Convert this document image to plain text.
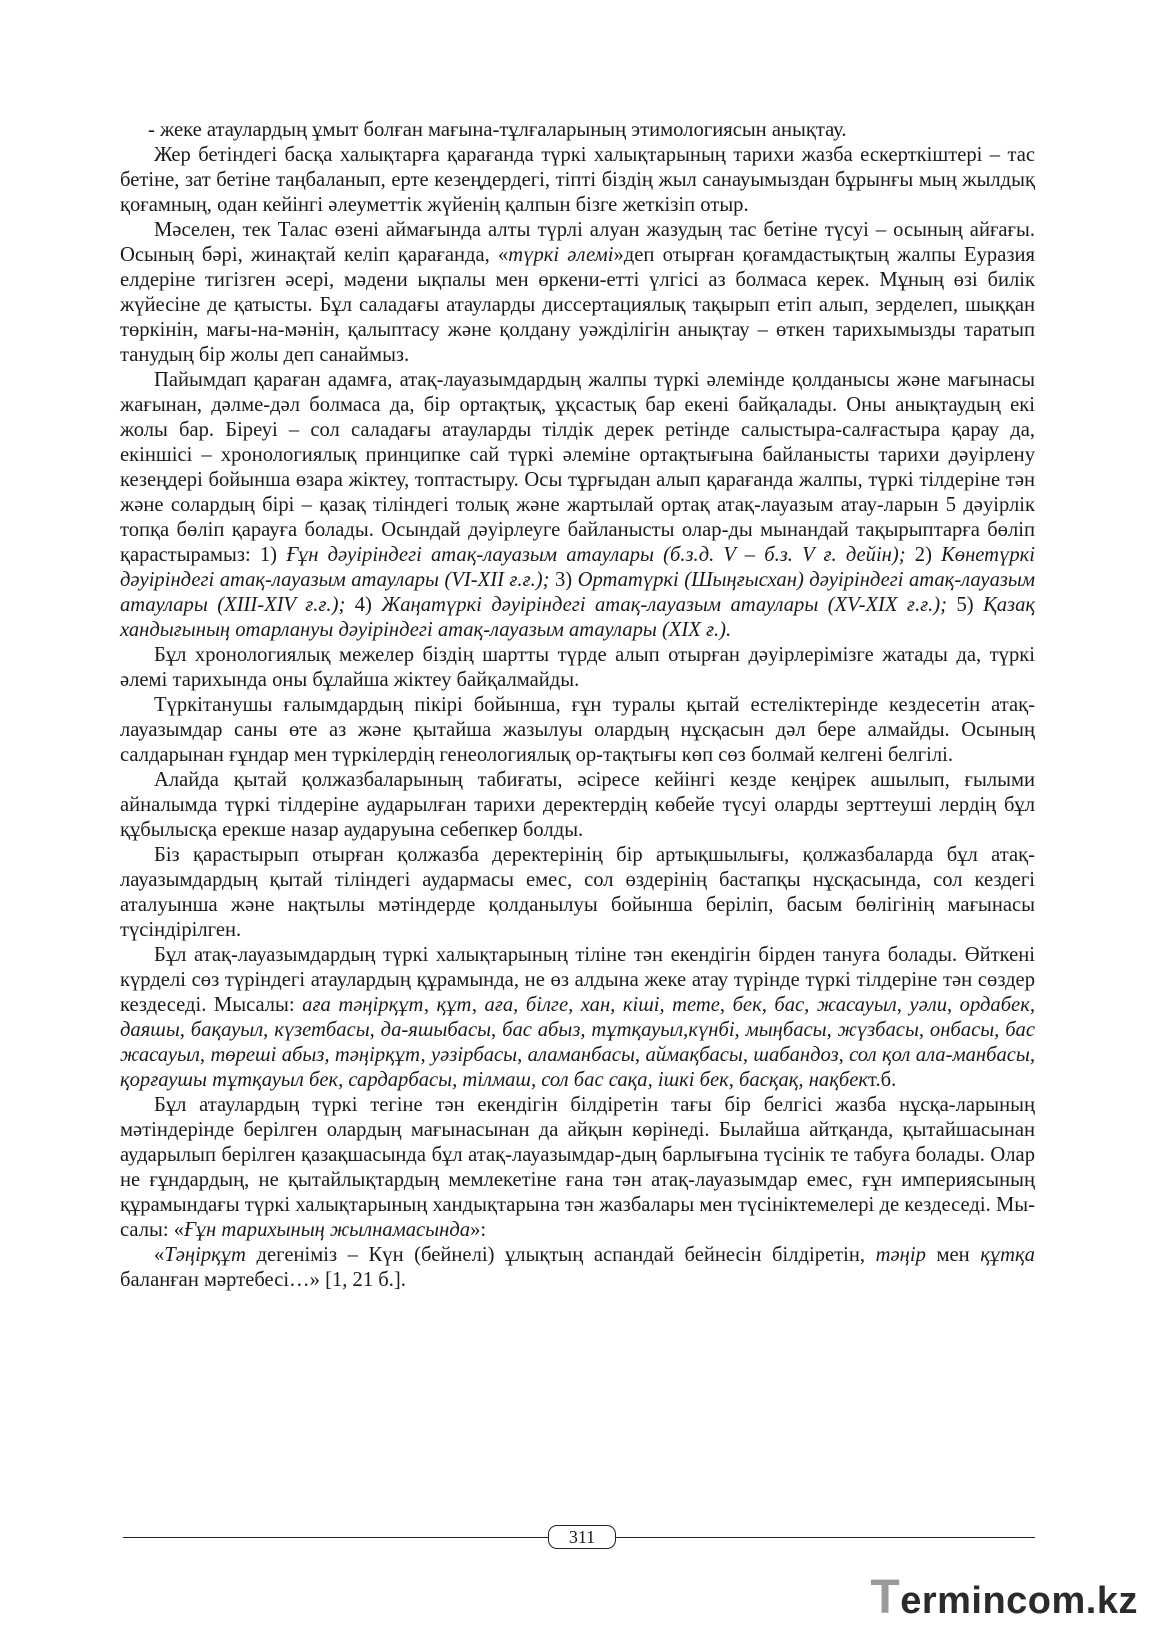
- жеке атаулардың ұмыт болған мағына-тұлғаларының этимологиясын анықтау.

Жер бетіндегі басқа халықтарға қарағанда түркі халықтарының тарихи жазба ескерткіштері – тас бетіне, зат бетіне таңбаланып, ерте кезеңдердегі, тіпті біздің жыл санауымыздан бұрынғы мың жылдық қоғамның, одан кейінгі әлеуметтік жүйенің қалпын бізге жеткізіп отыр.

Мәселен, тек Талас өзені аймағында алты түрлі алуан жазудың тас бетіне түсуі – осының айғағы. Осының бәрі, жинақтай келіп қарағанда, «түркі әлемі»деп отырған қоғамдастықтың жалпы Еуразия елдеріне тигізген әсері, мәдени ықпалы мен өркени-етті үлгісі аз болмаса керек. Мұның өзі билік жүйесіне де қатысты. Бұл саладағы атауларды диссертациялық тақырып етіп алып, зерделеп, шыққан төркінін, мағы-на-мәнін, қалыптасу және қолдану уәжділігін анықтау – өткен тарихымызды таратып танудың бір жолы деп санаймыз.

Пайымдап қараған адамға, атақ-лауазымдардың жалпы түркі әлемінде қолданысы және мағынасы жағынан, дәлме-дәл болмаса да, бір ортақтық, ұқсастық бар екені байқалады. Оны анықтаудың екі жолы бар. Біреуі – сол саладағы атауларды тілдік дерек ретінде салыстыра-салғастыра қарау да, екіншісі – хронологиялық принципке сай түркі әлеміне ортақтығына байланысты тарихи дәуірлену кезеңдері бойынша өзара жіктеу, топтастыру. Осы тұрғыдан алып қарағанда жалпы, түркі тілдеріне тән және солардың бірі – қазақ тіліндегі толық және жартылай ортақ атақ-лауазым атау-ларын 5 дәуірлік топқа бөліп қарауға болады. Осындай дәуірлеуге байланысты олар-ды мынандай тақырыптарға бөліп қарастырамыз: 1) Ғұн дәуіріндегі атақ-лауазым атаулары (б.з.д. V – б.з. V ғ. дейін); 2) Көнетүркі дәуіріндегі атақ-лауазым атаулары (VI-XII ғ.ғ.); 3) Ортатүркі (Шыңғысхан) дәуіріндегі атақ-лауазым атаулары (XIII-XIV ғ.ғ.); 4) Жаңатүркі дәуіріндегі атақ-лауазым атаулары (XV-XIX ғ.ғ.); 5) Қазақ хандығының отарлануы дәуіріндегі атақ-лауазым атаулары (XIX ғ.).

Бұл хронологиялық межелер біздің шартты түрде алып отырған дәуірлерімізге жатады да, түркі әлемі тарихында оны бұлайша жіктеу байқалмайды.

Түркітанушы ғалымдардың пікірі бойынша, ғұн туралы қытай естеліктерінде кездесетін атақ-лауазымдар саны өте аз және қытайша жазылуы олардың нұсқасын дәл бере алмайды. Осының салдарынан ғұндар мен түркілердің генеологиялық ор-тақтығы көп сөз болмай келгені белгілі.

Алайда қытай қолжазбаларының табиғаты, әсіресе кейінгі кезде кеңірек ашылып, ғылыми айналымда түркі тілдеріне аударылған тарихи деректердің көбейе түсуі оларды зерттеуші лердің бұл құбылысқа ерекше назар аударуына себепкер болды.

Біз қарастырып отырған қолжазба деректерінің бір артықшылығы, қолжазбаларда бұл атақ-лауазымдардың қытай тіліндегі аудармасы емес, сол өздерінің бастапқы нұсқасында, сол кездегі аталуынша және нақтылы мәтіндерде қолданылуы бойынша беріліп, басым бөлігінің мағынасы түсіндірілген.

Бұл атақ-лауазымдардың түркі халықтарының тіліне тән екендігін бірден тануға болады. Өйткені күрделі сөз түріндегі атаулардың құрамында, не өз алдына жеке атау түрінде түркі тілдеріне тән сөздер кездеседі. Мысалы: аға тәңірқұт, құт, аға, білге, хан, кіші, тете, бек, бас, жасауыл, уәли, ордабек, даяшы, бақауыл, күзетбасы, да-яшыбасы, бас абыз, тұтқауыл,күнбі, мыңбасы, жүзбасы, онбасы, бас жасауыл, төреші абыз, тәңірқұт, уәзірбасы, аламанбасы, аймақбасы, шабандоз, сол қол ала-манбасы, қорғаушы тұтқауыл бек, сардарбасы, тілмаш, сол бас сақа, ішкі бек, басқақ, нақбект.б.

Бұл атаулардың түркі тегіне тән екендігін білдіретін тағы бір белгісі жазба нұсқа-ларының мәтіндерінде берілген олардың мағынасынан да айқын көрінеді. Былайша айтқанда, қытайшасынан аударылып берілген қазақшасында бұл атақ-лауазымдар-дың барлығына түсінік те табуға болады. Олар не ғұндардың, не қытайлықтардың мемлекетіне ғана тән атақ-лауазымдар емес, ғұн империясының құрамындағы түркі халықтарының хандықтарына тән жазбалары мен түсініктемелері де кездеседі. Мы-салы: «Ғұн тарихының жылнамасында»:

«Тәңірқұт дегеніміз – Күн (бейнелі) ұлықтың аспандай бейнесін білдіретін, тәңір мен құтқа баланған мәртебесі…» [1, 21 б.].

311
Termincom.kz
